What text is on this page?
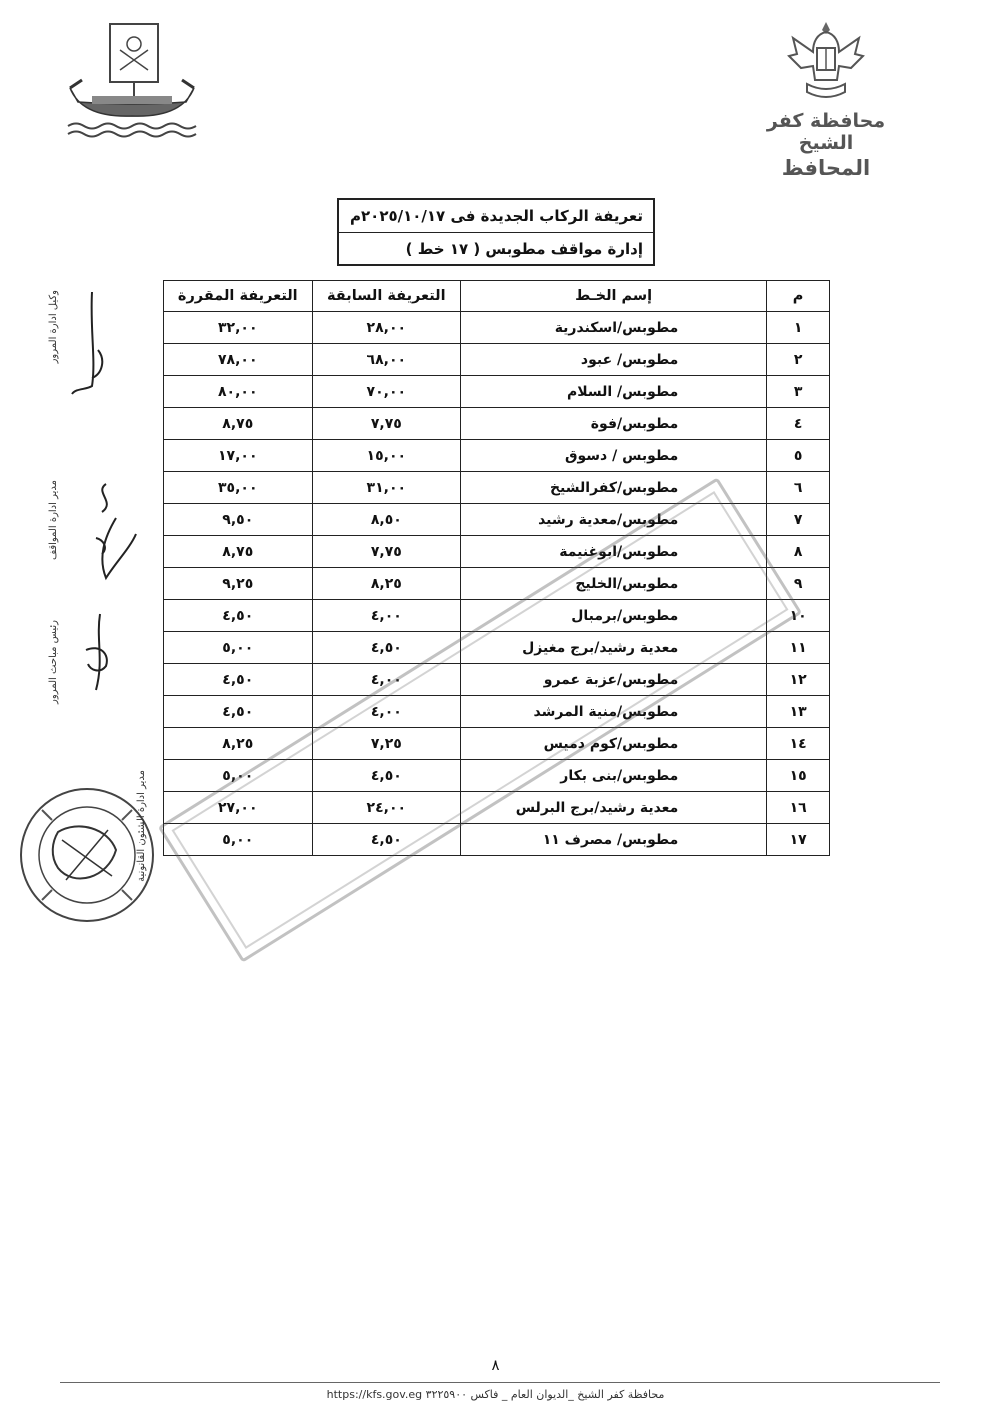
محافظة كفر الشيخ
المحافظ
تعريفة الركاب الجديدة فى ٢٠٢٥/١٠/١٧م
إدارة مواقف مطوبس ( ١٧ خط )
م	إسم الخـط	التعريفة السابقة	التعريفة المقررة
١	مطوبس/اسكندرية	٢٨,٠٠	٣٢,٠٠
٢	مطوبس/ عبود	٦٨,٠٠	٧٨,٠٠
٣	مطوبس/ السلام	٧٠,٠٠	٨٠,٠٠
٤	مطوبس/فوة	٧,٧٥	٨,٧٥
٥	مطوبس / دسوق	١٥,٠٠	١٧,٠٠
٦	مطوبس/كفرالشيخ	٣١,٠٠	٣٥,٠٠
٧	مطوبس/معدية رشيد	٨,٥٠	٩,٥٠
٨	مطوبس/ابوغنيمة	٧,٧٥	٨,٧٥
٩	مطوبس/الخليج	٨,٢٥	٩,٢٥
١٠	مطوبس/برمبال	٤,٠٠	٤,٥٠
١١	معدية رشيد/برج مغيزل	٤,٥٠	٥,٠٠
١٢	مطوبس/عزبة عمرو	٤,٠٠	٤,٥٠
١٣	مطوبس/منية المرشد	٤,٠٠	٤,٥٠
١٤	مطوبس/كوم دميس	٧,٢٥	٨,٢٥
١٥	مطوبس/بنى بكار	٤,٥٠	٥,٠٠
١٦	معدية رشيد/برج البرلس	٢٤,٠٠	٢٧,٠٠
١٧	مطوبس/ مصرف ١١	٤,٥٠	٥,٠٠
وكيل ادارة المرور
مدير ادارة المواقف
رئيس مباحث المرور
مدير ادارة الشئون القانونية
٨
محافظة كفر الشيخ _الديوان العام _ فاكس ٣٢٢٥٩٠٠ https://kfs.gov.eg
